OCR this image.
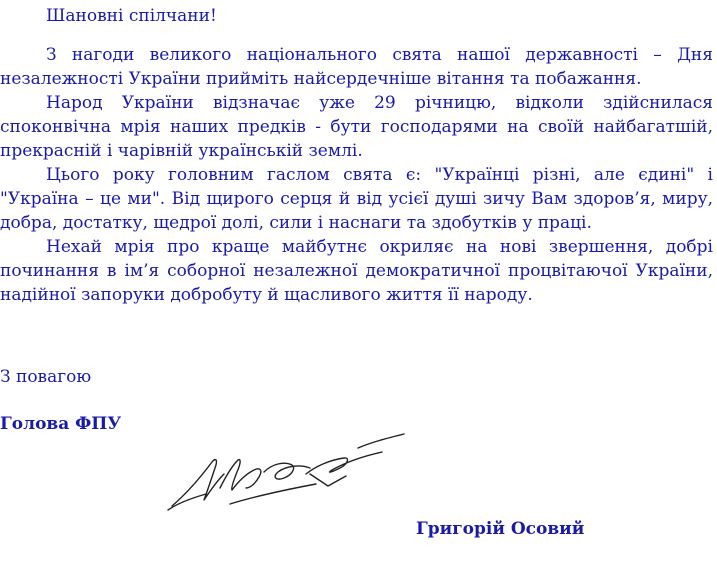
Шановні спілчани!

З нагоди великого національного свята нашої державності – Дня незалежності України прийміть найсердечніше вітання та побажання.

Народ України відзначає уже 29 річницю, відколи здійснилася споконвічна мрія наших предків - бути господарями на своїй найбагатшій, прекрасній і чарівній українській землі.

Цього року головним гаслом свята є: "Українці різні, але єдині" і "Україна – це ми". Від щирого серця й від усієї душі зичу Вам здоров’я, миру, добра, достатку, щедрої долі, сили і наснаги та здобутків у праці.

Нехай мрія про краще майбутнє окриляє на нові звершення, добрі починання в ім’я соборної незалежної демократичної процвітаючої України, надійної запоруки добробуту й щасливого життя її народу.

З повагою
Голова ФПУ
Григорій Осовий
